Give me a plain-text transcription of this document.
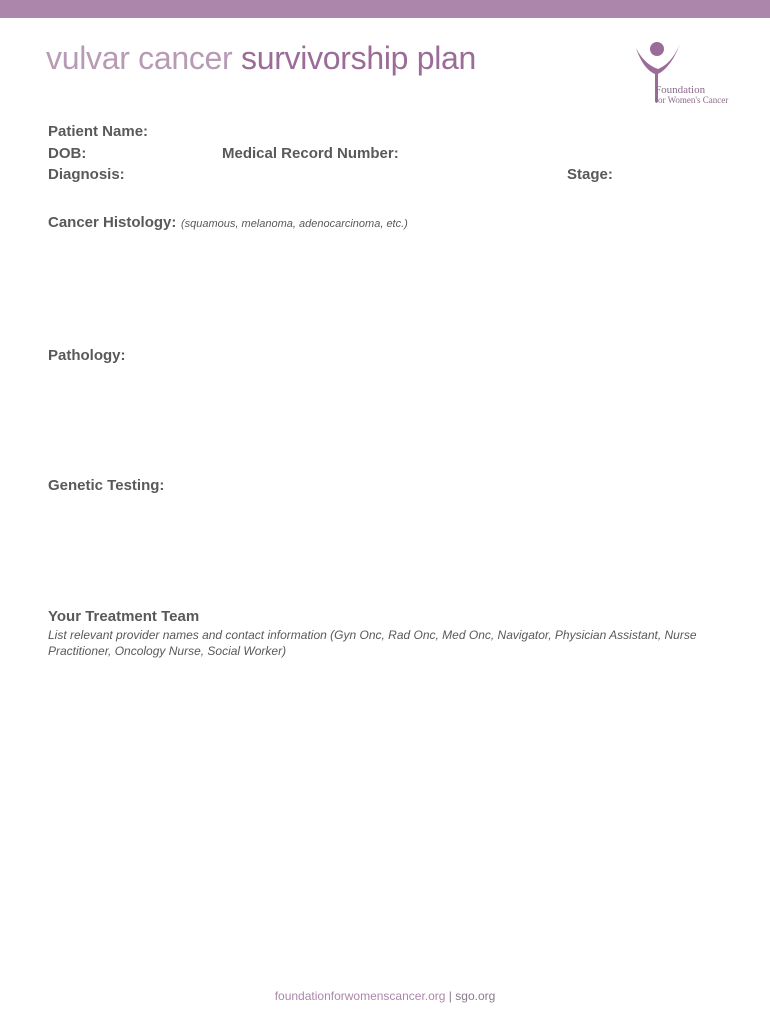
vulvar cancer survivorship plan
Foundation
for Women's Cancer
Patient Name:
DOB:	Medical Record Number:
Diagnosis:	Stage:
Cancer Histology: (squamous, melanoma, adenocarcinoma, etc.)
Pathology:
Genetic Testing:
Your Treatment Team
List relevant provider names and contact information (Gyn Onc, Rad Onc, Med Onc, Navigator, Physician Assistant, Nurse Practitioner, Oncology Nurse, Social Worker)
foundationforwomenscancer.org | sgo.org
